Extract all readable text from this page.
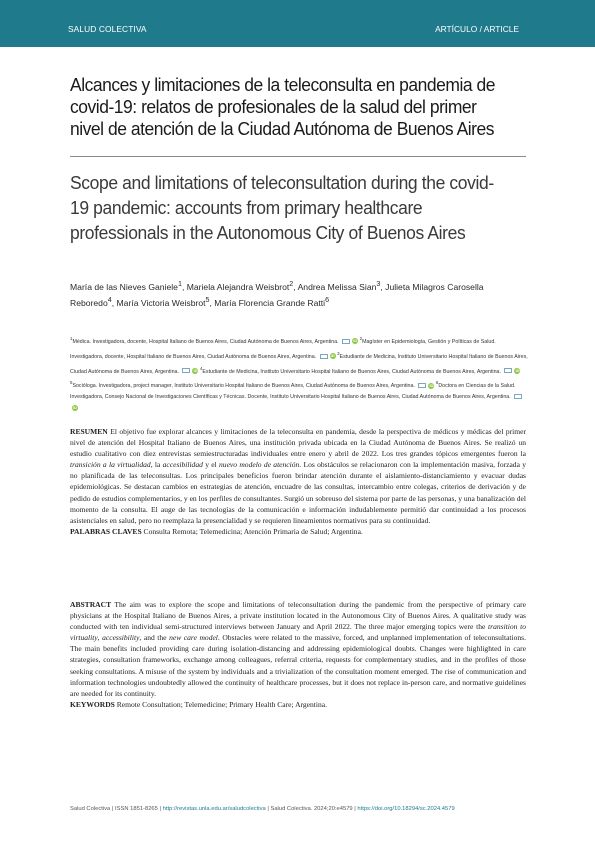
SALUD COLECTIVA	ARTÍCULO / ARTICLE
Alcances y limitaciones de la teleconsulta en pandemia de covid-19: relatos de profesionales de la salud del primer nivel de atención de la Ciudad Autónoma de Buenos Aires
Scope and limitations of teleconsultation during the covid-19 pandemic: accounts from primary healthcare professionals in the Autonomous City of Buenos Aires
María de las Nieves Ganiele$^1$, Mariela Alejandra Weisbrot$^2$, Andrea Melissa Sian$^3$, Julieta Milagros Carosella Reboredo$^4$, María Victoria Weisbrot$^5$, María Florencia Grande Ratti$^6$
$^1$Médica. Investigadora, docente, Hospital Italiano de Buenos Aires, Ciudad Autónoma de Buenos Aires, Argentina.	iD $^2$Magíster en Epidemiología, Gestión y Políticas de Salud. Investigadora, docente, Hospital Italiano de Buenos Aires, Ciudad Autónoma de Buenos Aires, Argentina.	iD $^3$Estudiante de Medicina, Instituto Universitario Hospital Italiano de Buenos Aires, Ciudad Autónoma de Buenos Aires, Argentina.	iD $^4$Estudiante de Medicina, Instituto Universitario Hospital Italiano de Buenos Aires, Ciudad Autónoma de Buenos Aires, Argentina.	iD $^5$Socióloga. Investigadora, project manager, Instituto Universitario Hospital Italiano de Buenos Aires, Ciudad Autónoma de Buenos Aires, Argentina.	iD $^6$Doctora en Ciencias de la Salud. Investigadora, Consejo Nacional de Investigaciones Científicas y Técnicas. Docente, Instituto Universitario Hospital Italiano de Buenos Aires, Ciudad Autónoma de Buenos Aires, Argentina. iD
RESUMEN El objetivo fue explorar alcances y limitaciones de la teleconsulta en pandemia, desde la perspectiva de médicos y médicas del primer nivel de atención del Hospital Italiano de Buenos Aires, una institución privada ubicada en la Ciudad Autónoma de Buenos Aires. Se realizó un estudio cualitativo con diez entrevistas semiestructuradas individuales entre enero y abril de 2022. Los tres grandes tópicos emergentes fueron la transición a la virtualidad, la accesibilidad y el nuevo modelo de atención. Los obstáculos se relacionaron con la implementación masiva, forzada y no planificada de las teleconsultas. Los principales beneficios fueron brindar atención durante el aislamiento-distanciamiento y evacuar dudas epidemiológicas. Se destacan cambios en estrategias de atención, encuadre de las consultas, intercambio entre colegas, criterios de derivación y de pedido de estudios complementarios, y en los perfiles de consultantes. Surgió un sobreuso del sistema por parte de las personas, y una banalización del momento de la consulta. El auge de las tecnologías de la comunicación e información indudablemente permitió dar continuidad a los procesos asistenciales en salud, pero no reemplaza la presencialidad y se requieren lineamientos normativos para su continuidad.
PALABRAS CLAVES Consulta Remota; Telemedicina; Atención Primaria de Salud; Argentina.
ABSTRACT The aim was to explore the scope and limitations of teleconsultation during the pandemic from the perspective of primary care physicians at the Hospital Italiano de Buenos Aires, a private institution located in the Autonomous City of Buenos Aires. A qualitative study was conducted with ten individual semi-structured interviews between January and April 2022. The three major emerging topics were the transition to virtuality, accessibility, and the new care model. Obstacles were related to the massive, forced, and unplanned implementation of teleconsultations. The main benefits included providing care during isolation-distancing and addressing epidemiological doubts. Changes were highlighted in care strategies, consultation frameworks, exchange among colleagues, referral criteria, requests for complementary studies, and in the profiles of those seeking consultations. A misuse of the system by individuals and a trivialization of the consultation moment emerged. The rise of communication and information technologies undoubtedly allowed the continuity of healthcare processes, but it does not replace in-person care, and normative guidelines are needed for its continuity.
KEYWORDS Remote Consultation; Telemedicine; Primary Health Care; Argentina.
Salud Colectiva | ISSN 1851-8265 | http://revistas.unla.edu.ar/saludcolectiva | Salud Colectiva. 2024;20:e4579 | https://doi.org/10.18294/sc.2024.4579
